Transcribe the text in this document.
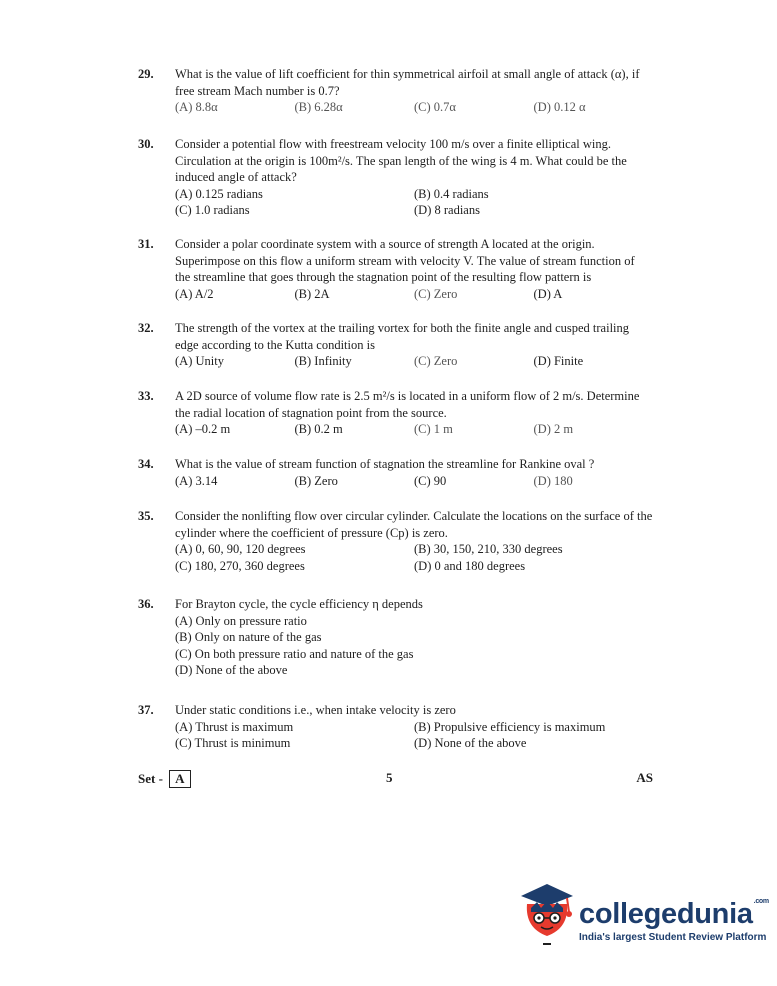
29. What is the value of lift coefficient for thin symmetrical airfoil at small angle of attack (α), if free stream Mach number is 0.7?
(A) 8.8α	(B) 6.28α	(C) 0.7α	(D) 0.12 α
30. Consider a potential flow with freestream velocity 100 m/s over a finite elliptical wing. Circulation at the origin is 100m²/s. The span length of the wing is 4 m. What could be the induced angle of attack?
(A) 0.125 radians	(B) 0.4 radians
(C) 1.0 radians	(D) 8 radians
31. Consider a polar coordinate system with a source of strength A located at the origin. Superimpose on this flow a uniform stream with velocity V. The value of stream function of the streamline that goes through the stagnation point of the resulting flow pattern is
(A) A/2	(B) 2A	(C) Zero	(D) A
32. The strength of the vortex at the trailing vortex for both the finite angle and cusped trailing edge according to the Kutta condition is
(A) Unity	(B) Infinity	(C) Zero	(D) Finite
33. A 2D source of volume flow rate is 2.5 m²/s is located in a uniform flow of 2 m/s. Determine the radial location of stagnation point from the source.
(A) –0.2 m	(B) 0.2 m	(C) 1 m	(D) 2 m
34. What is the value of stream function of stagnation the streamline for Rankine oval ?
(A) 3.14	(B) Zero	(C) 90	(D) 180
35. Consider the nonlifting flow over circular cylinder. Calculate the locations on the surface of the cylinder where the coefficient of pressure (Cp) is zero.
(A) 0, 60, 90, 120 degrees	(B) 30, 150, 210, 330 degrees
(C) 180, 270, 360 degrees	(D) 0 and 180 degrees
36. For Brayton cycle, the cycle efficiency η depends
(A) Only on pressure ratio
(B) Only on nature of the gas
(C) On both pressure ratio and nature of the gas
(D) None of the above
37. Under static conditions i.e., when intake velocity is zero
(A) Thrust is maximum	(B) Propulsive efficiency is maximum
(C) Thrust is minimum	(D) None of the above
Set - A	5	AS
collegedunia$^{.com}$
India's largest Student Review Platform
